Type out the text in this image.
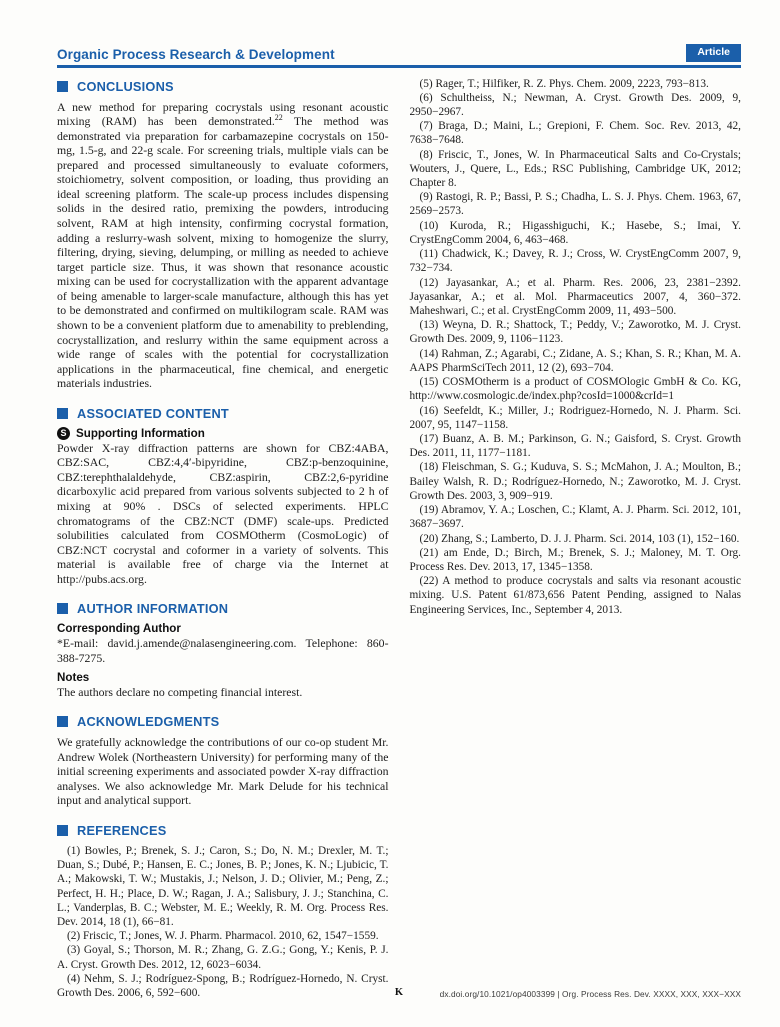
Organic Process Research & Development	Article
CONCLUSIONS

A new method for preparing cocrystals using resonant acoustic mixing (RAM) has been demonstrated.$^{22}$ The method was demonstrated via preparation for carbamazepine cocrystals on 150-mg, 1.5-g, and 22-g scale. For screening trials, multiple vials can be prepared and processed simultaneously to evaluate coformers, stoichiometry, solvent composition, or loading, thus providing an ideal screening platform. The scale-up process includes dispensing solids in the desired ratio, premixing the powders, introducing solvent, RAM at high intensity, confirming cocrystal formation, adding a reslurry-wash solvent, mixing to homogenize the slurry, filtering, drying, sieving, delumping, or milling as needed to achieve target particle size. Thus, it was shown that resonance acoustic mixing can be used for cocrystallization with the apparent advantage of being amenable to larger-scale manufacture, although this has yet to be demonstrated and confirmed on multikilogram scale. RAM was shown to be a convenient platform due to amenability to preblending, cocrystallization, and reslurry within the same equipment across a wide range of scales with the potential for cocrystallization applications in the pharmaceutical, fine chemical, and energetic materials industries.

ASSOCIATED CONTENT
S Supporting Information

Powder X-ray diffraction patterns are shown for CBZ:4ABA, CBZ:SAC, CBZ:4,4′-bipyridine, CBZ:p-benzoquinine, CBZ:terephthalaldehyde, CBZ:aspirin, CBZ:2,6-pyridine dicarboxylic acid prepared from various solvents subjected to 2 h of mixing at 90% . DSCs of selected experiments. HPLC chromatograms of the CBZ:NCT (DMF) scale-ups. Predicted solubilities calculated from COSMOtherm (CosmoLogic) of CBZ:NCT cocrystal and coformer in a variety of solvents. This material is available free of charge via the Internet at http://pubs.acs.org.

AUTHOR INFORMATION
Corresponding Author

*E-mail: david.j.amende@nalasengineering.com. Telephone: 860-388-7275.

Notes

The authors declare no competing financial interest.

ACKNOWLEDGMENTS

We gratefully acknowledge the contributions of our co-op student Mr. Andrew Wolek (Northeastern University) for performing many of the initial screening experiments and associated powder X-ray diffraction analyses. We also acknowledge Mr. Mark Delude for his technical input and analytical support.

REFERENCES

(1) Bowles, P.; Brenek, S. J.; Caron, S.; Do, N. M.; Drexler, M. T.; Duan, S.; Dubé, P.; Hansen, E. C.; Jones, B. P.; Jones, K. N.; Ljubicic, T. A.; Makowski, T. W.; Mustakis, J.; Nelson, J. D.; Olivier, M.; Peng, Z.; Perfect, H. H.; Place, D. W.; Ragan, J. A.; Salisbury, J. J.; Stanchina, C. L.; Vanderplas, B. C.; Webster, M. E.; Weekly, R. M. Org. Process Res. Dev. 2014, 18 (1), 66−81.

(2) Friscic, T.; Jones, W. J. Pharm. Pharmacol. 2010, 62, 1547−1559.

(3) Goyal, S.; Thorson, M. R.; Zhang, G. Z.G.; Gong, Y.; Kenis, P. J. A. Cryst. Growth Des. 2012, 12, 6023−6034.

(4) Nehm, S. J.; Rodríguez-Spong, B.; Rodríguez-Hornedo, N. Cryst. Growth Des. 2006, 6, 592−600.

(5) Rager, T.; Hilfiker, R. Z. Phys. Chem. 2009, 2223, 793−813.

(6) Schultheiss, N.; Newman, A. Cryst. Growth Des. 2009, 9, 2950−2967.

(7) Braga, D.; Maini, L.; Grepioni, F. Chem. Soc. Rev. 2013, 42, 7638−7648.

(8) Friscic, T., Jones, W. In Pharmaceutical Salts and Co-Crystals; Wouters, J., Quere, L., Eds.; RSC Publishing, Cambridge UK, 2012; Chapter 8.

(9) Rastogi, R. P.; Bassi, P. S.; Chadha, L. S. J. Phys. Chem. 1963, 67, 2569−2573.

(10) Kuroda, R.; Higasshiguchi, K.; Hasebe, S.; Imai, Y. CrystEngComm 2004, 6, 463−468.

(11) Chadwick, K.; Davey, R. J.; Cross, W. CrystEngComm 2007, 9, 732−734.

(12) Jayasankar, A.; et al. Pharm. Res. 2006, 23, 2381−2392. Jayasankar, A.; et al. Mol. Pharmaceutics 2007, 4, 360−372. Maheshwari, C.; et al. CrystEngComm 2009, 11, 493−500.

(13) Weyna, D. R.; Shattock, T.; Peddy, V.; Zaworotko, M. J. Cryst. Growth Des. 2009, 9, 1106−1123.

(14) Rahman, Z.; Agarabi, C.; Zidane, A. S.; Khan, S. R.; Khan, M. A. AAPS PharmSciTech 2011, 12 (2), 693−704.

(15) COSMOtherm is a product of COSMOlogic GmbH & Co. KG, http://www.cosmologic.de/index.php?cosId=1000&crId=1

(16) Seefeldt, K.; Miller, J.; Rodriguez-Hornedo, N. J. Pharm. Sci. 2007, 95, 1147−1158.

(17) Buanz, A. B. M.; Parkinson, G. N.; Gaisford, S. Cryst. Growth Des. 2011, 11, 1177−1181.

(18) Fleischman, S. G.; Kuduva, S. S.; McMahon, J. A.; Moulton, B.; Bailey Walsh, R. D.; Rodríguez-Hornedo, N.; Zaworotko, M. J. Cryst. Growth Des. 2003, 3, 909−919.

(19) Abramov, Y. A.; Loschen, C.; Klamt, A. J. Pharm. Sci. 2012, 101, 3687−3697.

(20) Zhang, S.; Lamberto, D. J. J. Pharm. Sci. 2014, 103 (1), 152−160.

(21) am Ende, D.; Birch, M.; Brenek, S. J.; Maloney, M. T. Org. Process Res. Dev. 2013, 17, 1345−1358.

(22) A method to produce cocrystals and salts via resonant acoustic mixing. U.S. Patent 61/873,656 Patent Pending, assigned to Nalas Engineering Services, Inc., September 4, 2013.

K	dx.doi.org/10.1021/op4003399 | Org. Process Res. Dev. XXXX, XXX, XXX−XXX
